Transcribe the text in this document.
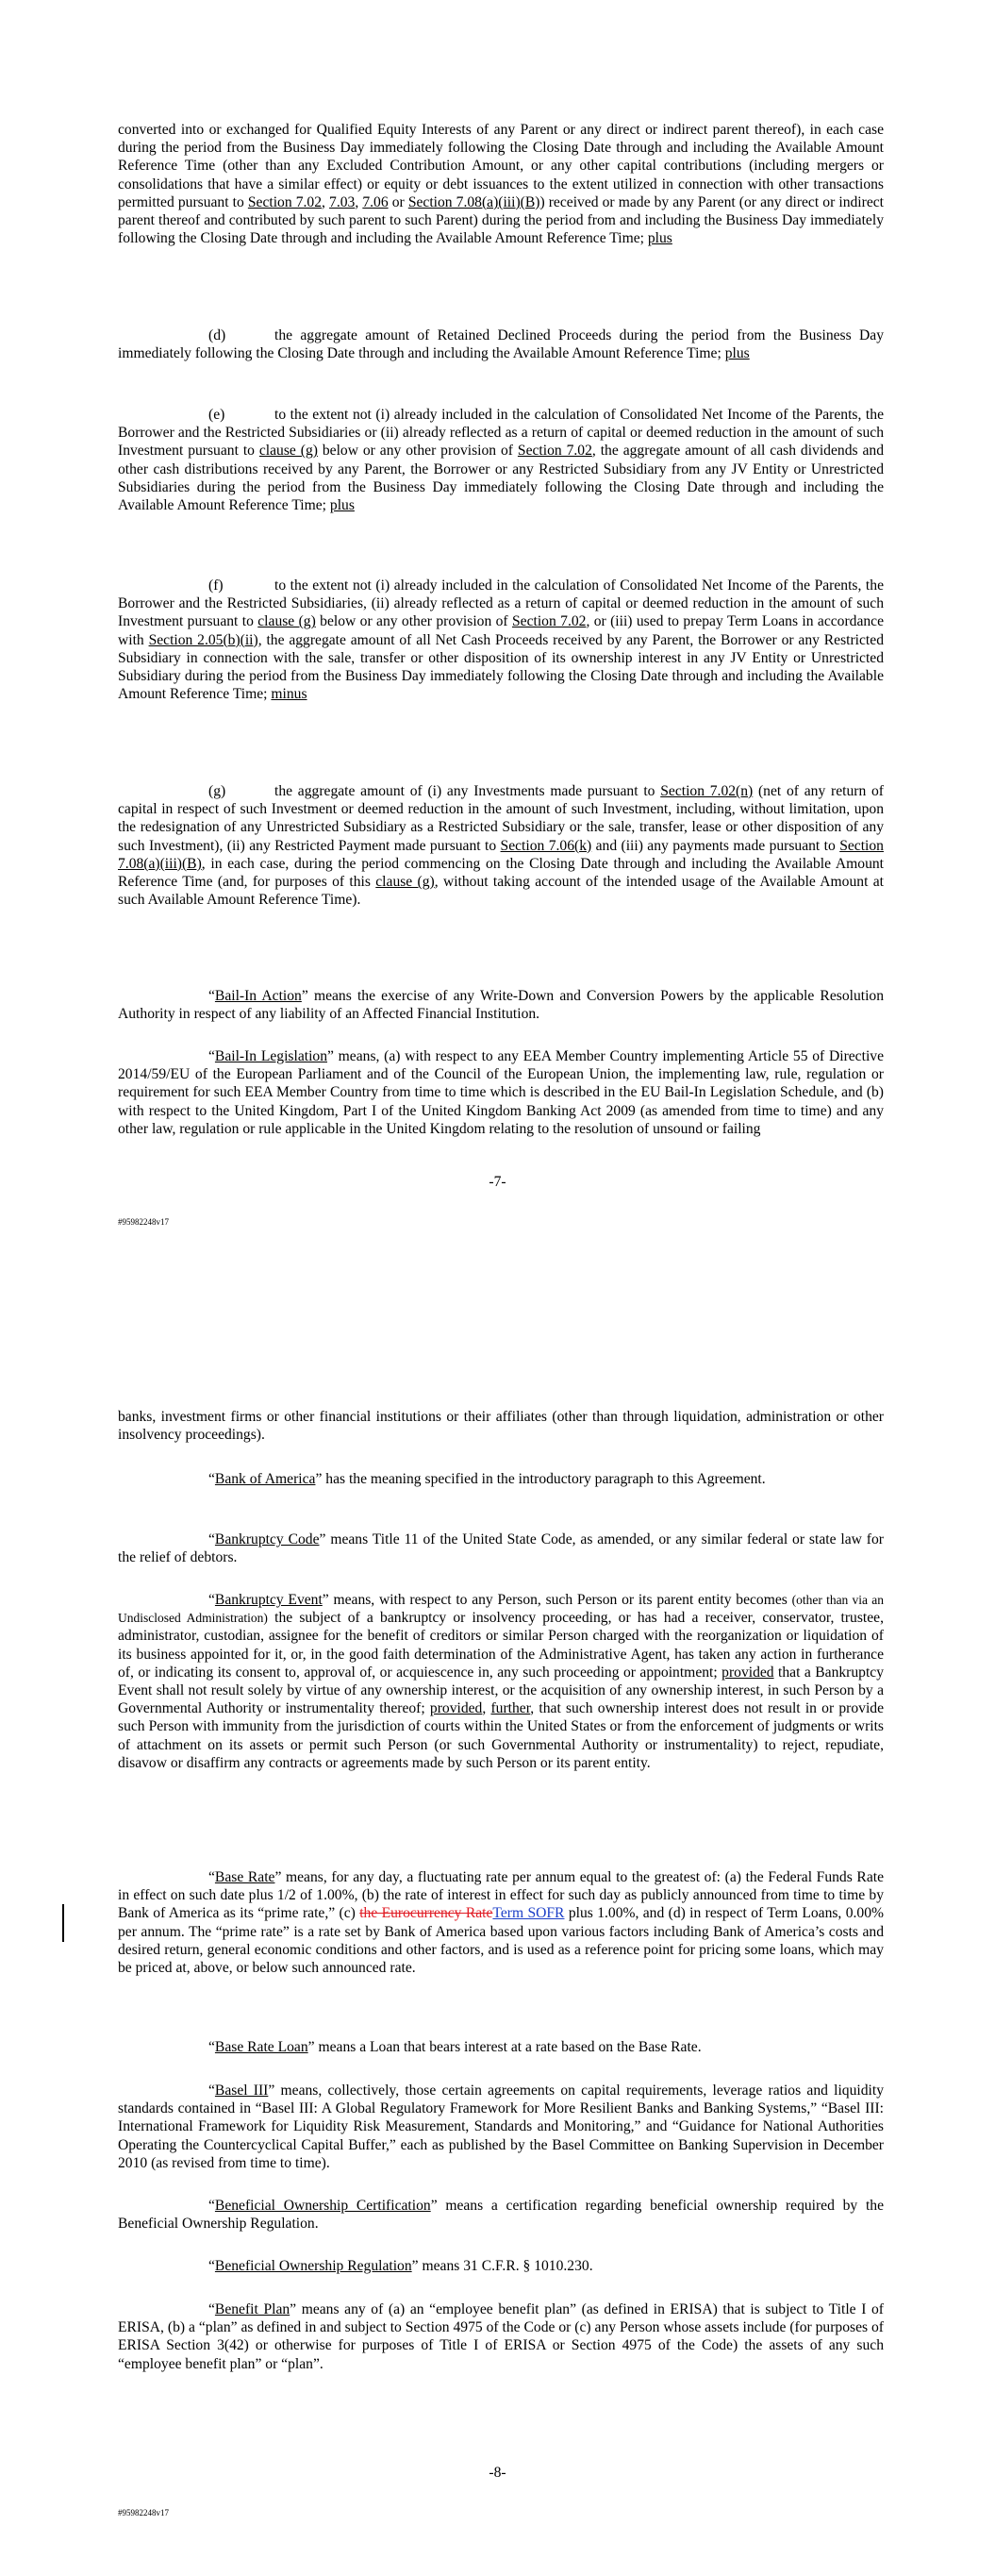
converted into or exchanged for Qualified Equity Interests of any Parent or any direct or indirect parent thereof), in each case during the period from the Business Day immediately following the Closing Date through and including the Available Amount Reference Time (other than any Excluded Contribution Amount, or any other capital contributions (including mergers or consolidations that have a similar effect) or equity or debt issuances to the extent utilized in connection with other transactions permitted pursuant to Section 7.02, 7.03, 7.06 or Section 7.08(a)(iii)(B)) received or made by any Parent (or any direct or indirect parent thereof and contributed by such parent to such Parent) during the period from and including the Business Day immediately following the Closing Date through and including the Available Amount Reference Time; plus

(d)	the aggregate amount of Retained Declined Proceeds during the period from the Business Day immediately following the Closing Date through and including the Available Amount Reference Time; plus

(e)	to the extent not (i) already included in the calculation of Consolidated Net Income of the Parents, the Borrower and the Restricted Subsidiaries or (ii) already reflected as a return of capital or deemed reduction in the amount of such Investment pursuant to clause (g) below or any other provision of Section 7.02, the aggregate amount of all cash dividends and other cash distributions received by any Parent, the Borrower or any Restricted Subsidiary from any JV Entity or Unrestricted Subsidiaries during the period from the Business Day immediately following the Closing Date through and including the Available Amount Reference Time; plus

(f)	to the extent not (i) already included in the calculation of Consolidated Net Income of the Parents, the Borrower and the Restricted Subsidiaries, (ii) already reflected as a return of capital or deemed reduction in the amount of such Investment pursuant to clause (g) below or any other provision of Section 7.02, or (iii) used to prepay Term Loans in accordance with Section 2.05(b)(ii), the aggregate amount of all Net Cash Proceeds received by any Parent, the Borrower or any Restricted Subsidiary in connection with the sale, transfer or other disposition of its ownership interest in any JV Entity or Unrestricted Subsidiary during the period from the Business Day immediately following the Closing Date through and including the Available Amount Reference Time; minus

(g)	the aggregate amount of (i) any Investments made pursuant to Section 7.02(n) (net of any return of capital in respect of such Investment or deemed reduction in the amount of such Investment, including, without limitation, upon the redesignation of any Unrestricted Subsidiary as a Restricted Subsidiary or the sale, transfer, lease or other disposition of any such Investment), (ii) any Restricted Payment made pursuant to Section 7.06(k) and (iii) any payments made pursuant to Section 7.08(a)(iii)(B), in each case, during the period commencing on the Closing Date through and including the Available Amount Reference Time (and, for purposes of this clause (g), without taking account of the intended usage of the Available Amount at such Available Amount Reference Time).

“Bail-In Action” means the exercise of any Write-Down and Conversion Powers by the applicable Resolution Authority in respect of any liability of an Affected Financial Institution.

“Bail-In Legislation” means, (a) with respect to any EEA Member Country implementing Article 55 of Directive 2014/59/EU of the European Parliament and of the Council of the European Union, the implementing law, rule, regulation or requirement for such EEA Member Country from time to time which is described in the EU Bail-In Legislation Schedule, and (b) with respect to the United Kingdom, Part I of the United Kingdom Banking Act 2009 (as amended from time to time) and any other law, regulation or rule applicable in the United Kingdom relating to the resolution of unsound or failing

-7-
#95982248v17

banks, investment firms or other financial institutions or their affiliates (other than through liquidation, administration or other insolvency proceedings).

“Bank of America” has the meaning specified in the introductory paragraph to this Agreement.

“Bankruptcy Code” means Title 11 of the United State Code, as amended, or any similar federal or state law for the relief of debtors.

“Bankruptcy Event” means, with respect to any Person, such Person or its parent entity becomes (other than via an Undisclosed Administration) the subject of a bankruptcy or insolvency proceeding, or has had a receiver, conservator, trustee, administrator, custodian, assignee for the benefit of creditors or similar Person charged with the reorganization or liquidation of its business appointed for it, or, in the good faith determination of the Administrative Agent, has taken any action in furtherance of, or indicating its consent to, approval of, or acquiescence in, any such proceeding or appointment; provided that a Bankruptcy Event shall not result solely by virtue of any ownership interest, or the acquisition of any ownership interest, in such Person by a Governmental Authority or instrumentality thereof; provided, further, that such ownership interest does not result in or provide such Person with immunity from the jurisdiction of courts within the United States or from the enforcement of judgments or writs of attachment on its assets or permit such Person (or such Governmental Authority or instrumentality) to reject, repudiate, disavow or disaffirm any contracts or agreements made by such Person or its parent entity.

“Base Rate” means, for any day, a fluctuating rate per annum equal to the greatest of: (a) the Federal Funds Rate in effect on such date plus 1/2 of 1.00%, (b) the rate of interest in effect for such day as publicly announced from time to time by Bank of America as its “prime rate,” (c) the Eurocurrency RateTerm SOFR plus 1.00%, and (d) in respect of Term Loans, 0.00% per annum. The “prime rate” is a rate set by Bank of America based upon various factors including Bank of America’s costs and desired return, general economic conditions and other factors, and is used as a reference point for pricing some loans, which may be priced at, above, or below such announced rate.

“Base Rate Loan” means a Loan that bears interest at a rate based on the Base Rate.

“Basel III” means, collectively, those certain agreements on capital requirements, leverage ratios and liquidity standards contained in “Basel III: A Global Regulatory Framework for More Resilient Banks and Banking Systems,” “Basel III: International Framework for Liquidity Risk Measurement, Standards and Monitoring,” and “Guidance for National Authorities Operating the Countercyclical Capital Buffer,” each as published by the Basel Committee on Banking Supervision in December 2010 (as revised from time to time).

“Beneficial Ownership Certification” means a certification regarding beneficial ownership required by the Beneficial Ownership Regulation.

“Beneficial Ownership Regulation” means 31 C.F.R. § 1010.230.

“Benefit Plan” means any of (a) an “employee benefit plan” (as defined in ERISA) that is subject to Title I of ERISA, (b) a “plan” as defined in and subject to Section 4975 of the Code or (c) any Person whose assets include (for purposes of ERISA Section 3(42) or otherwise for purposes of Title I of ERISA or Section 4975 of the Code) the assets of any such “employee benefit plan” or “plan”.

-8-
#95982248v17
